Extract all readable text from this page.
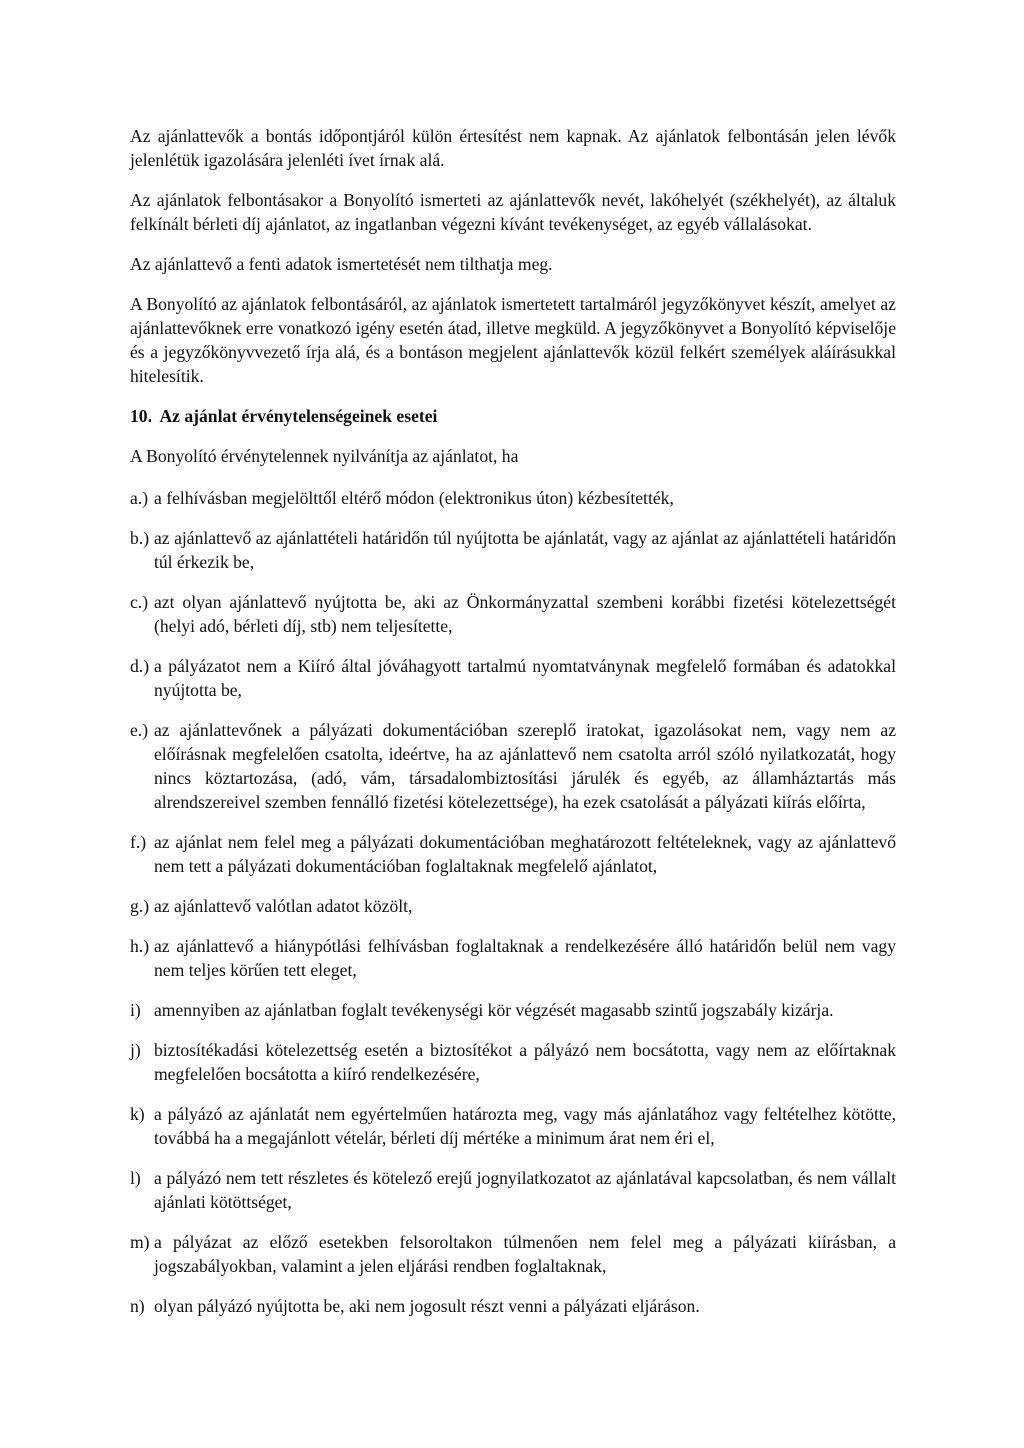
Az ajánlattevők a bontás időpontjáról külön értesítést nem kapnak. Az ajánlatok felbontásán jelen lévők jelenlétük igazolására jelenléti ívet írnak alá.

Az ajánlatok felbontásakor a Bonyolító ismerteti az ajánlattevők nevét, lakóhelyét (székhelyét), az általuk felkínált bérleti díj ajánlatot, az ingatlanban végezni kívánt tevékenységet, az egyéb vállalásokat.

Az ajánlattevő a fenti adatok ismertetését nem tilthatja meg.

A Bonyolító az ajánlatok felbontásáról, az ajánlatok ismertetett tartalmáról jegyzőkönyvet készít, amelyet az ajánlattevőknek erre vonatkozó igény esetén átad, illetve megküld. A jegyzőkönyvet a Bonyolító képviselője és a jegyzőkönyvvezető írja alá, és a bontáson megjelent ajánlattevők közül felkért személyek aláírásukkal hitelesítik.

10. Az ajánlat érvénytelenségeinek esetei

A Bonyolító érvénytelennek nyilvánítja az ajánlatot, ha

a.) a felhívásban megjelölttől eltérő módon (elektronikus úton) kézbesítették,
b.) az ajánlattevő az ajánlattételi határidőn túl nyújtotta be ajánlatát, vagy az ajánlat az ajánlattételi határidőn túl érkezik be,
c.) azt olyan ajánlattevő nyújtotta be, aki az Önkormányzattal szembeni korábbi fizetési kötelezettségét (helyi adó, bérleti díj, stb) nem teljesítette,
d.) a pályázatot nem a Kiíró által jóváhagyott tartalmú nyomtatványnak megfelelő formában és adatokkal nyújtotta be,
e.) az ajánlattevőnek a pályázati dokumentációban szereplő iratokat, igazolásokat nem, vagy nem az előírásnak megfelelően csatolta, ideértve, ha az ajánlattevő nem csatolta arról szóló nyilatkozatát, hogy nincs köztartozása, (adó, vám, társadalombiztosítási járulék és egyéb, az államháztartás más alrendszereivel szemben fennálló fizetési kötelezettsége), ha ezek csatolását a pályázati kiírás előírta,
f.) az ajánlat nem felel meg a pályázati dokumentációban meghatározott feltételeknek, vagy az ajánlattevő nem tett a pályázati dokumentációban foglaltaknak megfelelő ajánlatot,
g.) az ajánlattevő valótlan adatot közölt,
h.) az ajánlattevő a hiánypótlási felhívásban foglaltaknak a rendelkezésére álló határidőn belül nem vagy nem teljes körűen tett eleget,
i) amennyiben az ajánlatban foglalt tevékenységi kör végzését magasabb szintű jogszabály kizárja.
j) biztosítékadási kötelezettség esetén a biztosítékot a pályázó nem bocsátotta, vagy nem az előírtaknak megfelelően bocsátotta a kiíró rendelkezésére,
k) a pályázó az ajánlatát nem egyértelműen határozta meg, vagy más ajánlatához vagy feltételhez kötötte, továbbá ha a megajánlott vételár, bérleti díj mértéke a minimum árat nem éri el,
l) a pályázó nem tett részletes és kötelező erejű jognyilatkozatot az ajánlatával kapcsolatban, és nem vállalt ajánlati kötöttséget,
m) a pályázat az előző esetekben felsoroltakon túlmenően nem felel meg a pályázati kiírásban, a jogszabályokban, valamint a jelen eljárási rendben foglaltaknak,
n) olyan pályázó nyújtotta be, aki nem jogosult részt venni a pályázati eljáráson.
